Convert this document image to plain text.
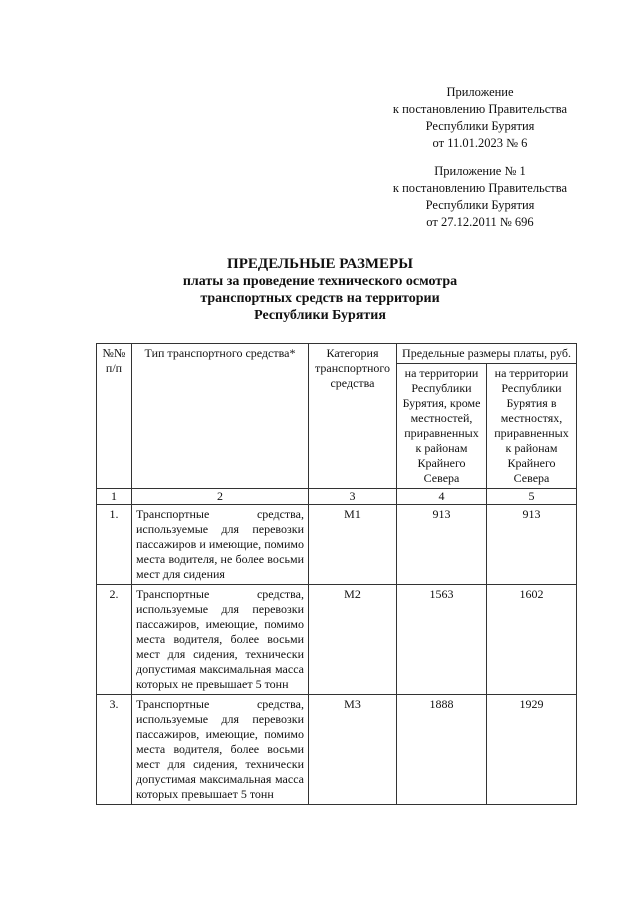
Приложение
к постановлению Правительства
Республики Бурятия
от 11.01.2023 № 6
Приложение № 1
к постановлению Правительства
Республики Бурятия
от 27.12.2011 № 696
ПРЕДЕЛЬНЫЕ РАЗМЕРЫ
платы за проведение технического осмотра
транспортных средств на территории
Республики Бурятия
№№ п/п	Тип транспортного средства*	Категория транспортного средства	Предельные размеры платы, руб.	
			на территории Республики Бурятия, кроме местностей, приравненных к районам Крайнего Севера	на территории Республики Бурятия в местностях, приравненных к районам Крайнего Севера
1	2	3	4	5
1.	Транспортные средства, используемые для перевозки пассажиров и имеющие, помимо места водителя, не более восьми мест для сидения	M1	913	913
2.	Транспортные средства, используемые для перевозки пассажиров, имеющие, помимо места водителя, более восьми мест для сидения, технически допустимая максимальная масса которых не превышает 5 тонн	M2	1563	1602
3.	Транспортные средства, используемые для перевозки пассажиров, имеющие, помимо места водителя, более восьми мест для сидения, технически допустимая максимальная масса которых превышает 5 тонн	M3	1888	1929
